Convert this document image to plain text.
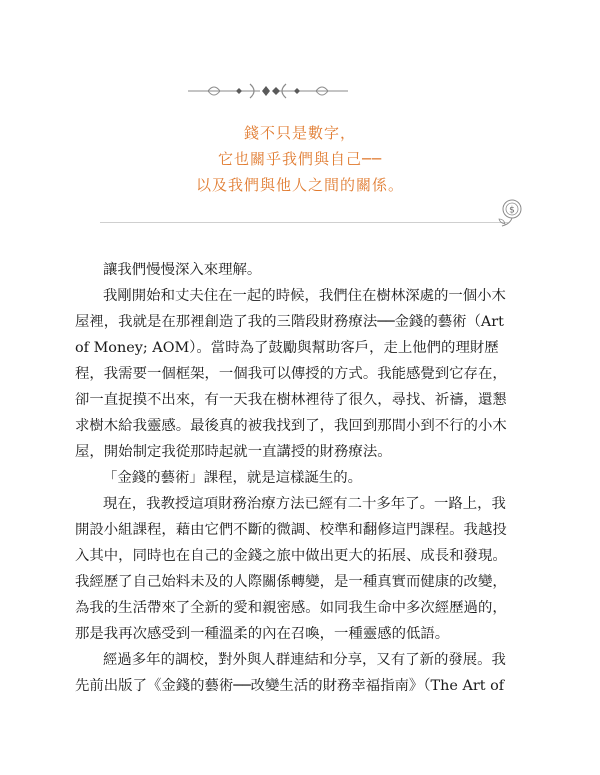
錢不只是數字，
它也關乎我們與自己──
以及我們與他人之間的關係。
$
讓我們慢慢深入來理解。
我剛開始和丈夫住在一起的時候，我們住在樹林深處的一個小木
屋裡，我就是在那裡創造了我的三階段財務療法──金錢的藝術（Art
of Money; AOM）。當時為了鼓勵與幫助客戶，走上他們的理財歷
程，我需要一個框架，一個我可以傳授的方式。我能感覺到它存在，
卻一直捉摸不出來，有一天我在樹林裡待了很久，尋找、祈禱，還懇
求樹木給我靈感。最後真的被我找到了，我回到那間小到不行的小木
屋，開始制定我從那時起就一直講授的財務療法。
「金錢的藝術」課程，就是這樣誕生的。
現在，我教授這項財務治療方法已經有二十多年了。一路上，我
開設小組課程，藉由它們不斷的微調、校準和翻修這門課程。我越投
入其中，同時也在自己的金錢之旅中做出更大的拓展、成長和發現。
我經歷了自己始料未及的人際關係轉變，是一種真實而健康的改變，
為我的生活帶來了全新的愛和親密感。如同我生命中多次經歷過的，
那是我再次感受到一種溫柔的內在召喚，一種靈感的低語。
經過多年的調校，對外與人群連結和分享，又有了新的發展。我
先前出版了《金錢的藝術──改變生活的財務幸福指南》（The Art of
